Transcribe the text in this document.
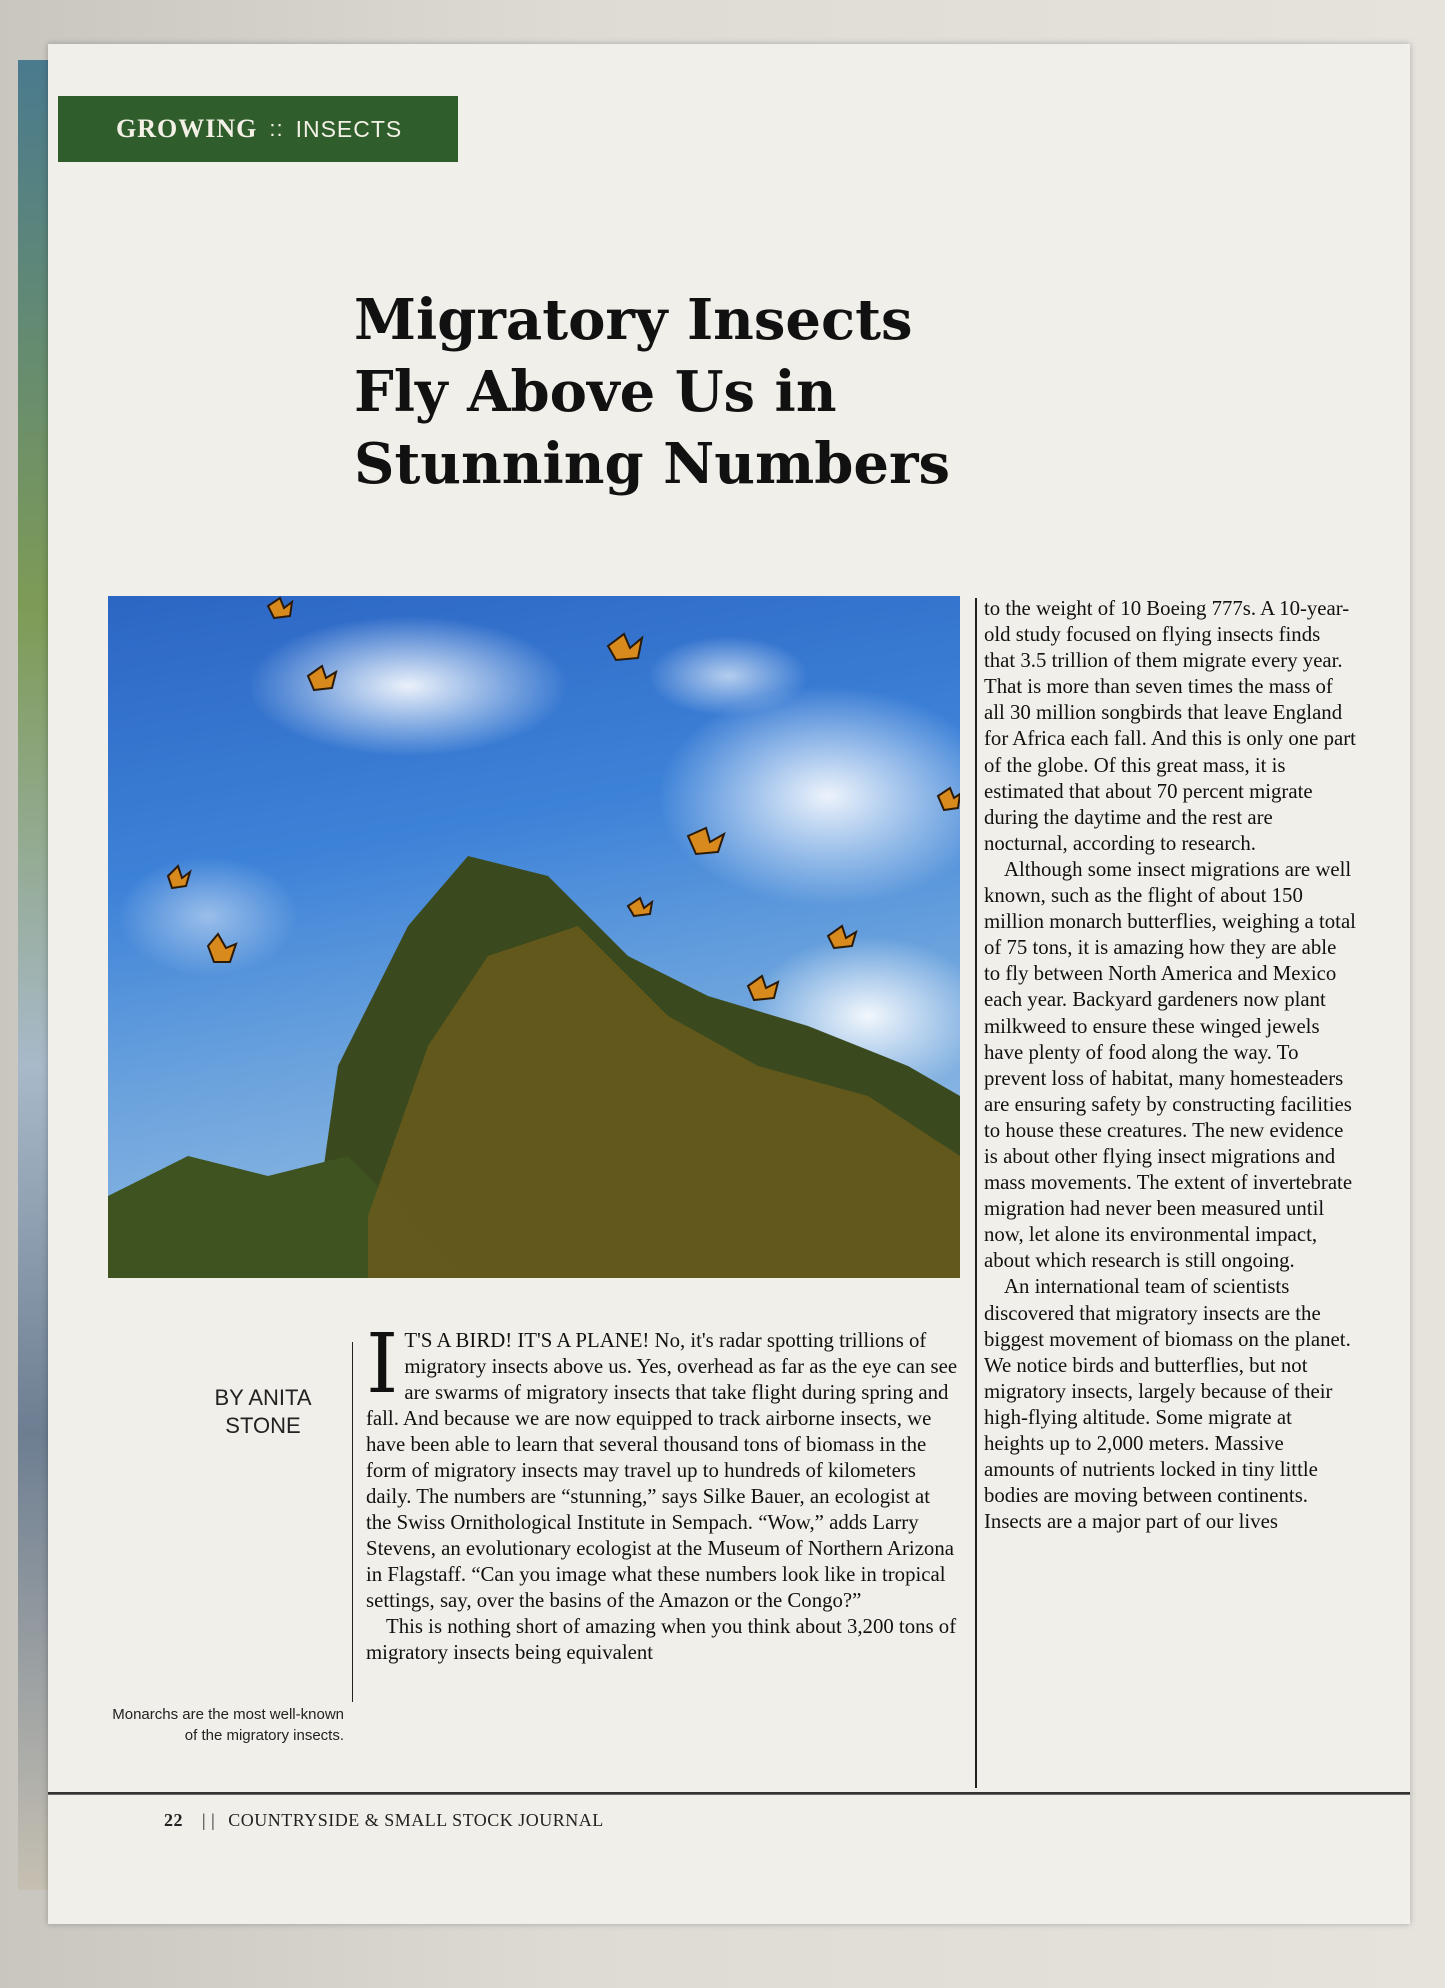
GROWING :: INSECTS
Migratory Insects
Fly Above Us in
Stunning Numbers
BY ANITA
STONE
Monarchs are the most well-known of the migratory insects.

I T'S A BIRD! IT'S A PLANE! No, it's radar spotting trillions of migratory insects above us. Yes, overhead as far as the eye can see are swarms of migratory insects that take flight during spring and fall. And because we are now equipped to track airborne insects, we have been able to learn that several thousand tons of biomass in the form of migratory insects may travel up to hundreds of kilometers daily. The numbers are “stunning,” says Silke Bauer, an ecologist at the Swiss Ornithological Institute in Sempach. “Wow,” adds Larry Stevens, an evolutionary ecologist at the Museum of Northern Arizona in Flagstaff. “Can you image what these numbers look like in tropical settings, say, over the basins of the Amazon or the Congo?”

This is nothing short of amazing when you think about 3,200 tons of migratory insects being equivalent

to the weight of 10 Boeing 777s. A 10-year-old study focused on flying insects finds that 3.5 trillion of them migrate every year. That is more than seven times the mass of all 30 million songbirds that leave England for Africa each fall. And this is only one part of the globe. Of this great mass, it is estimated that about 70 percent migrate during the daytime and the rest are nocturnal, according to research.

Although some insect migrations are well known, such as the flight of about 150 million monarch butterflies, weighing a total of 75 tons, it is amazing how they are able to fly between North America and Mexico each year. Backyard gardeners now plant milkweed to ensure these winged jewels have plenty of food along the way. To prevent loss of habitat, many homesteaders are ensuring safety by constructing facilities to house these creatures. The new evidence is about other flying insect migrations and mass movements. The extent of invertebrate migration had never been measured until now, let alone its environmental impact, about which research is still ongoing.

An international team of scientists discovered that migratory insects are the biggest movement of biomass on the planet. We notice birds and butterflies, but not migratory insects, largely because of their high-flying altitude. Some migrate at heights up to 2,000 meters. Massive amounts of nutrients locked in tiny little bodies are moving between continents. Insects are a major part of our lives

22 | | COUNTRYSIDE & SMALL STOCK JOURNAL
